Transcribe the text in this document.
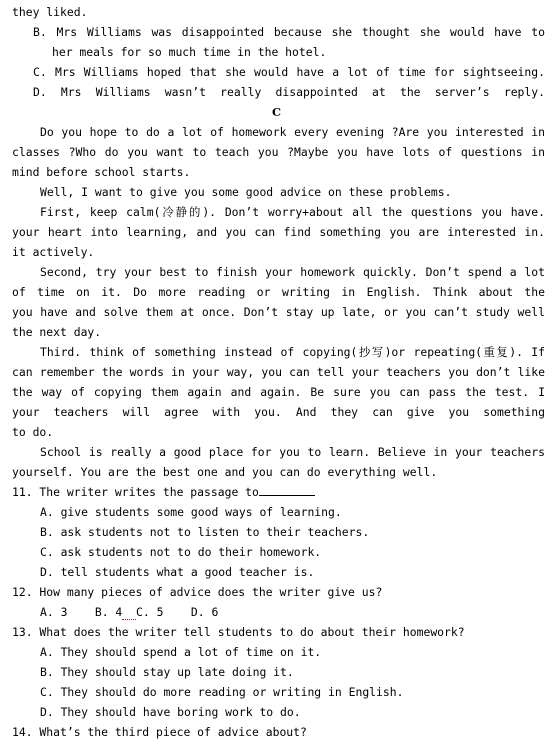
they liked.
B. Mrs Williams was disappointed because she thought she would have to
her meals for so much time in the hotel.
C. Mrs Williams hoped that she would have a lot of time for sightseeing.
D. Mrs Williams wasn’t really disappointed at the server’s reply.
C
Do you hope to do a lot of homework every evening ?Are you interested in
classes ?Who do you want to teach you ?Maybe you have lots of questions in
mind before school starts.
Well, I want to give you some good advice on these problems.
First, keep calm(冷静的). Don’t worry+about all the questions you have.
your heart into learning, and you can find something you are interested in.
it actively.
Second, try your best to finish your homework quickly. Don’t spend a lot
of time on it. Do more reading or writing in English. Think about the
you have and solve them at once. Don’t stay up late, or you can’t study well
the next day.
Third. think of something instead of copying(抄写)or repeating(重复). If
can remember the words in your way, you can tell your teachers you don’t like
the way of copying them again and again. Be sure you can pass the test. I
your teachers will agree with you. And they can give you something
to do.
School is really a good place for you to learn. Believe in your teachers
yourself. You are the best one and you can do everything well.
11. The writer writes the passage to
A. give students some good ways of learning.
B. ask students not to listen to their teachers.
C. ask students not to do their homework.
D. tell students what a good teacher is.
12. How many pieces of advice does the writer give us?
A. 3    B. 4 C. 5    D. 6
13. What does the writer tell students to do about their homework?
A. They should spend a lot of time on it.
B. They should stay up late doing it.
C. They should do more reading or writing in English.
D. They should have boring work to do.
14. What’s the third piece of advice about?
